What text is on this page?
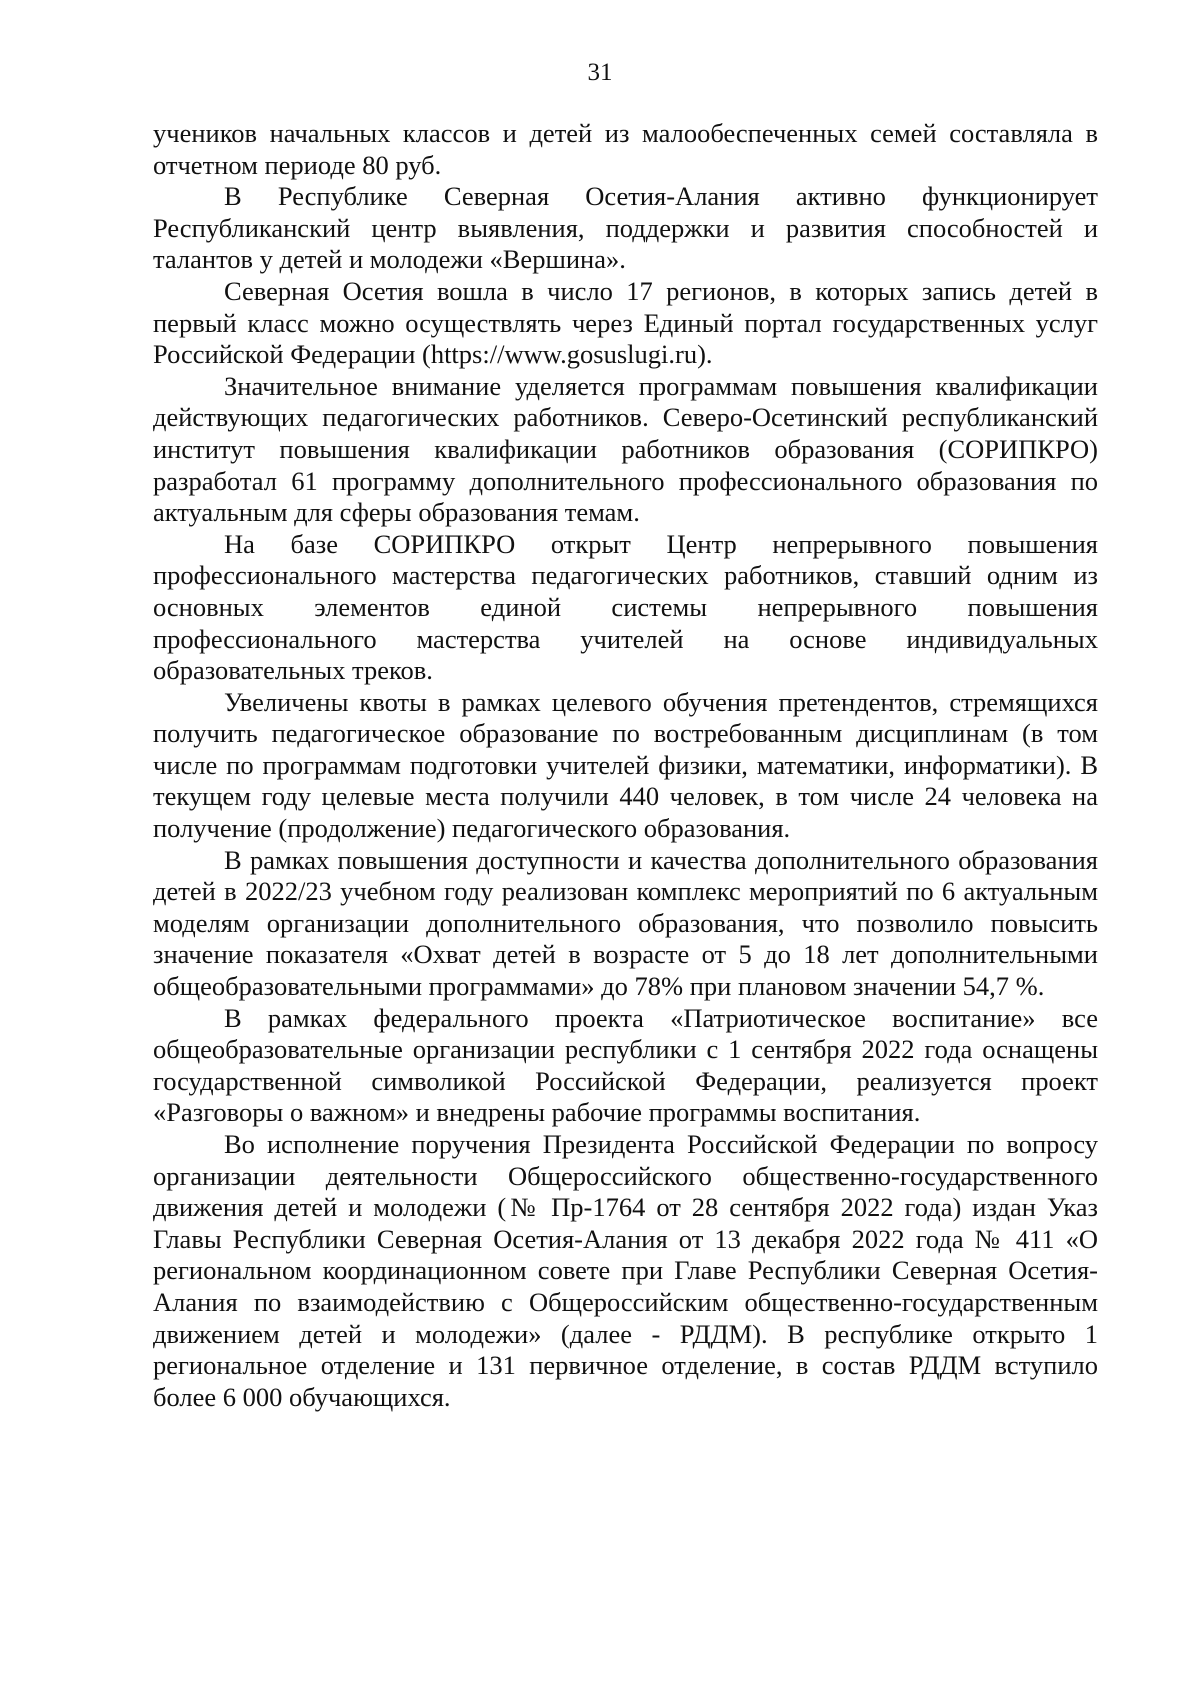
31

учеников начальных классов и детей из малообеспеченных семей составляла в отчетном периоде 80 руб.

В Республике Северная Осетия-Алания активно функционирует Республиканский центр выявления, поддержки и развития способностей и талантов у детей и молодежи «Вершина».

Северная Осетия вошла в число 17 регионов, в которых запись детей в первый класс можно осуществлять через Единый портал государственных услуг Российской Федерации (https://www.gosuslugi.ru).

Значительное внимание уделяется программам повышения квалификации действующих педагогических работников. Северо-Осетинский республиканский институт повышения квалификации работников образования (СОРИПКРО) разработал 61 программу дополнительного профессионального образования по актуальным для сферы образования темам.

На базе СОРИПКРО открыт Центр непрерывного повышения профессионального мастерства педагогических работников, ставший одним из основных элементов единой системы непрерывного повышения профессионального мастерства учителей на основе индивидуальных образовательных треков.

Увеличены квоты в рамках целевого обучения претендентов, стремящихся получить педагогическое образование по востребованным дисциплинам (в том числе по программам подготовки учителей физики, математики, информатики). В текущем году целевые места получили 440 человек, в том числе 24 человека на получение (продолжение) педагогического образования.

В рамках повышения доступности и качества дополнительного образования детей в 2022/23 учебном году реализован комплекс мероприятий по 6 актуальным моделям организации дополнительного образования, что позволило повысить значение показателя «Охват детей в возрасте от 5 до 18 лет дополнительными общеобразовательными программами» до 78% при плановом значении 54,7 %.

В рамках федерального проекта «Патриотическое воспитание» все общеобразовательные организации республики с 1 сентября 2022 года оснащены государственной символикой Российской Федерации, реализуется проект «Разговоры о важном» и внедрены рабочие программы воспитания.

Во исполнение поручения Президента Российской Федерации по вопросу организации деятельности Общероссийского общественно-государственного движения детей и молодежи (№ Пр-1764 от 28 сентября 2022 года) издан Указ Главы Республики Северная Осетия-Алания от 13 декабря 2022 года № 411 «О региональном координационном совете при Главе Республики Северная Осетия-Алания по взаимодействию с Общероссийским общественно-государственным движением детей и молодежи» (далее - РДДМ). В республике открыто 1 региональное отделение и 131 первичное отделение, в состав РДДМ вступило более 6 000 обучающихся.
